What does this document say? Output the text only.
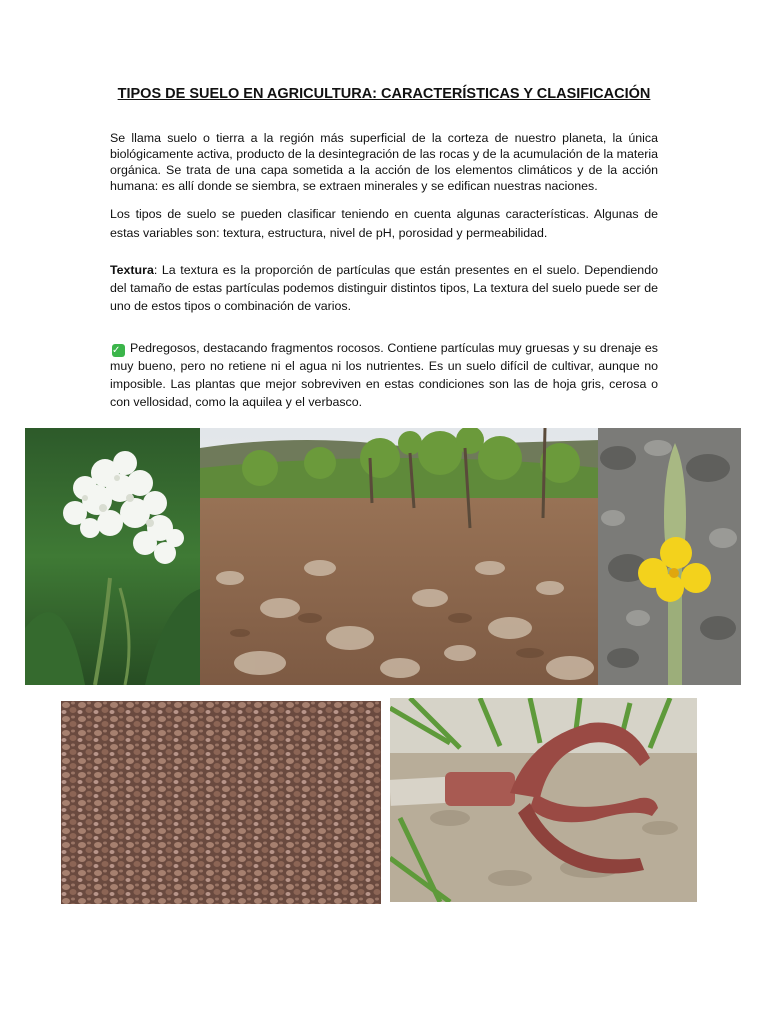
TIPOS DE SUELO EN AGRICULTURA: CARACTERÍSTICAS Y CLASIFICACIÓN
Se llama suelo o tierra a la región más superficial de la corteza de nuestro planeta, la única biológicamente activa, producto de la desintegración de las rocas y de la acumulación de la materia orgánica. Se trata de una capa sometida a la acción de los elementos climáticos y de la acción humana: es allí donde se siembra, se extraen minerales y se edifican nuestras naciones.
Los tipos de suelo se pueden clasificar teniendo en cuenta algunas características. Algunas de estas variables son: textura, estructura, nivel de pH, porosidad y permeabilidad.
Textura: La textura es la proporción de partículas que están presentes en el suelo. Dependiendo del tamaño de estas partículas podemos distinguir distintos tipos, La textura del suelo puede ser de uno de estos tipos o combinación de varios.
✓ Pedregosos, destacando fragmentos rocosos. Contiene partículas muy gruesas y su drenaje es muy bueno, pero no retiene ni el agua ni los nutrientes. Es un suelo difícil de cultivar, aunque no imposible. Las plantas que mejor sobreviven en estas condiciones son las de hoja gris, cerosa o con vellosidad, como la aquilea y el verbasco.
